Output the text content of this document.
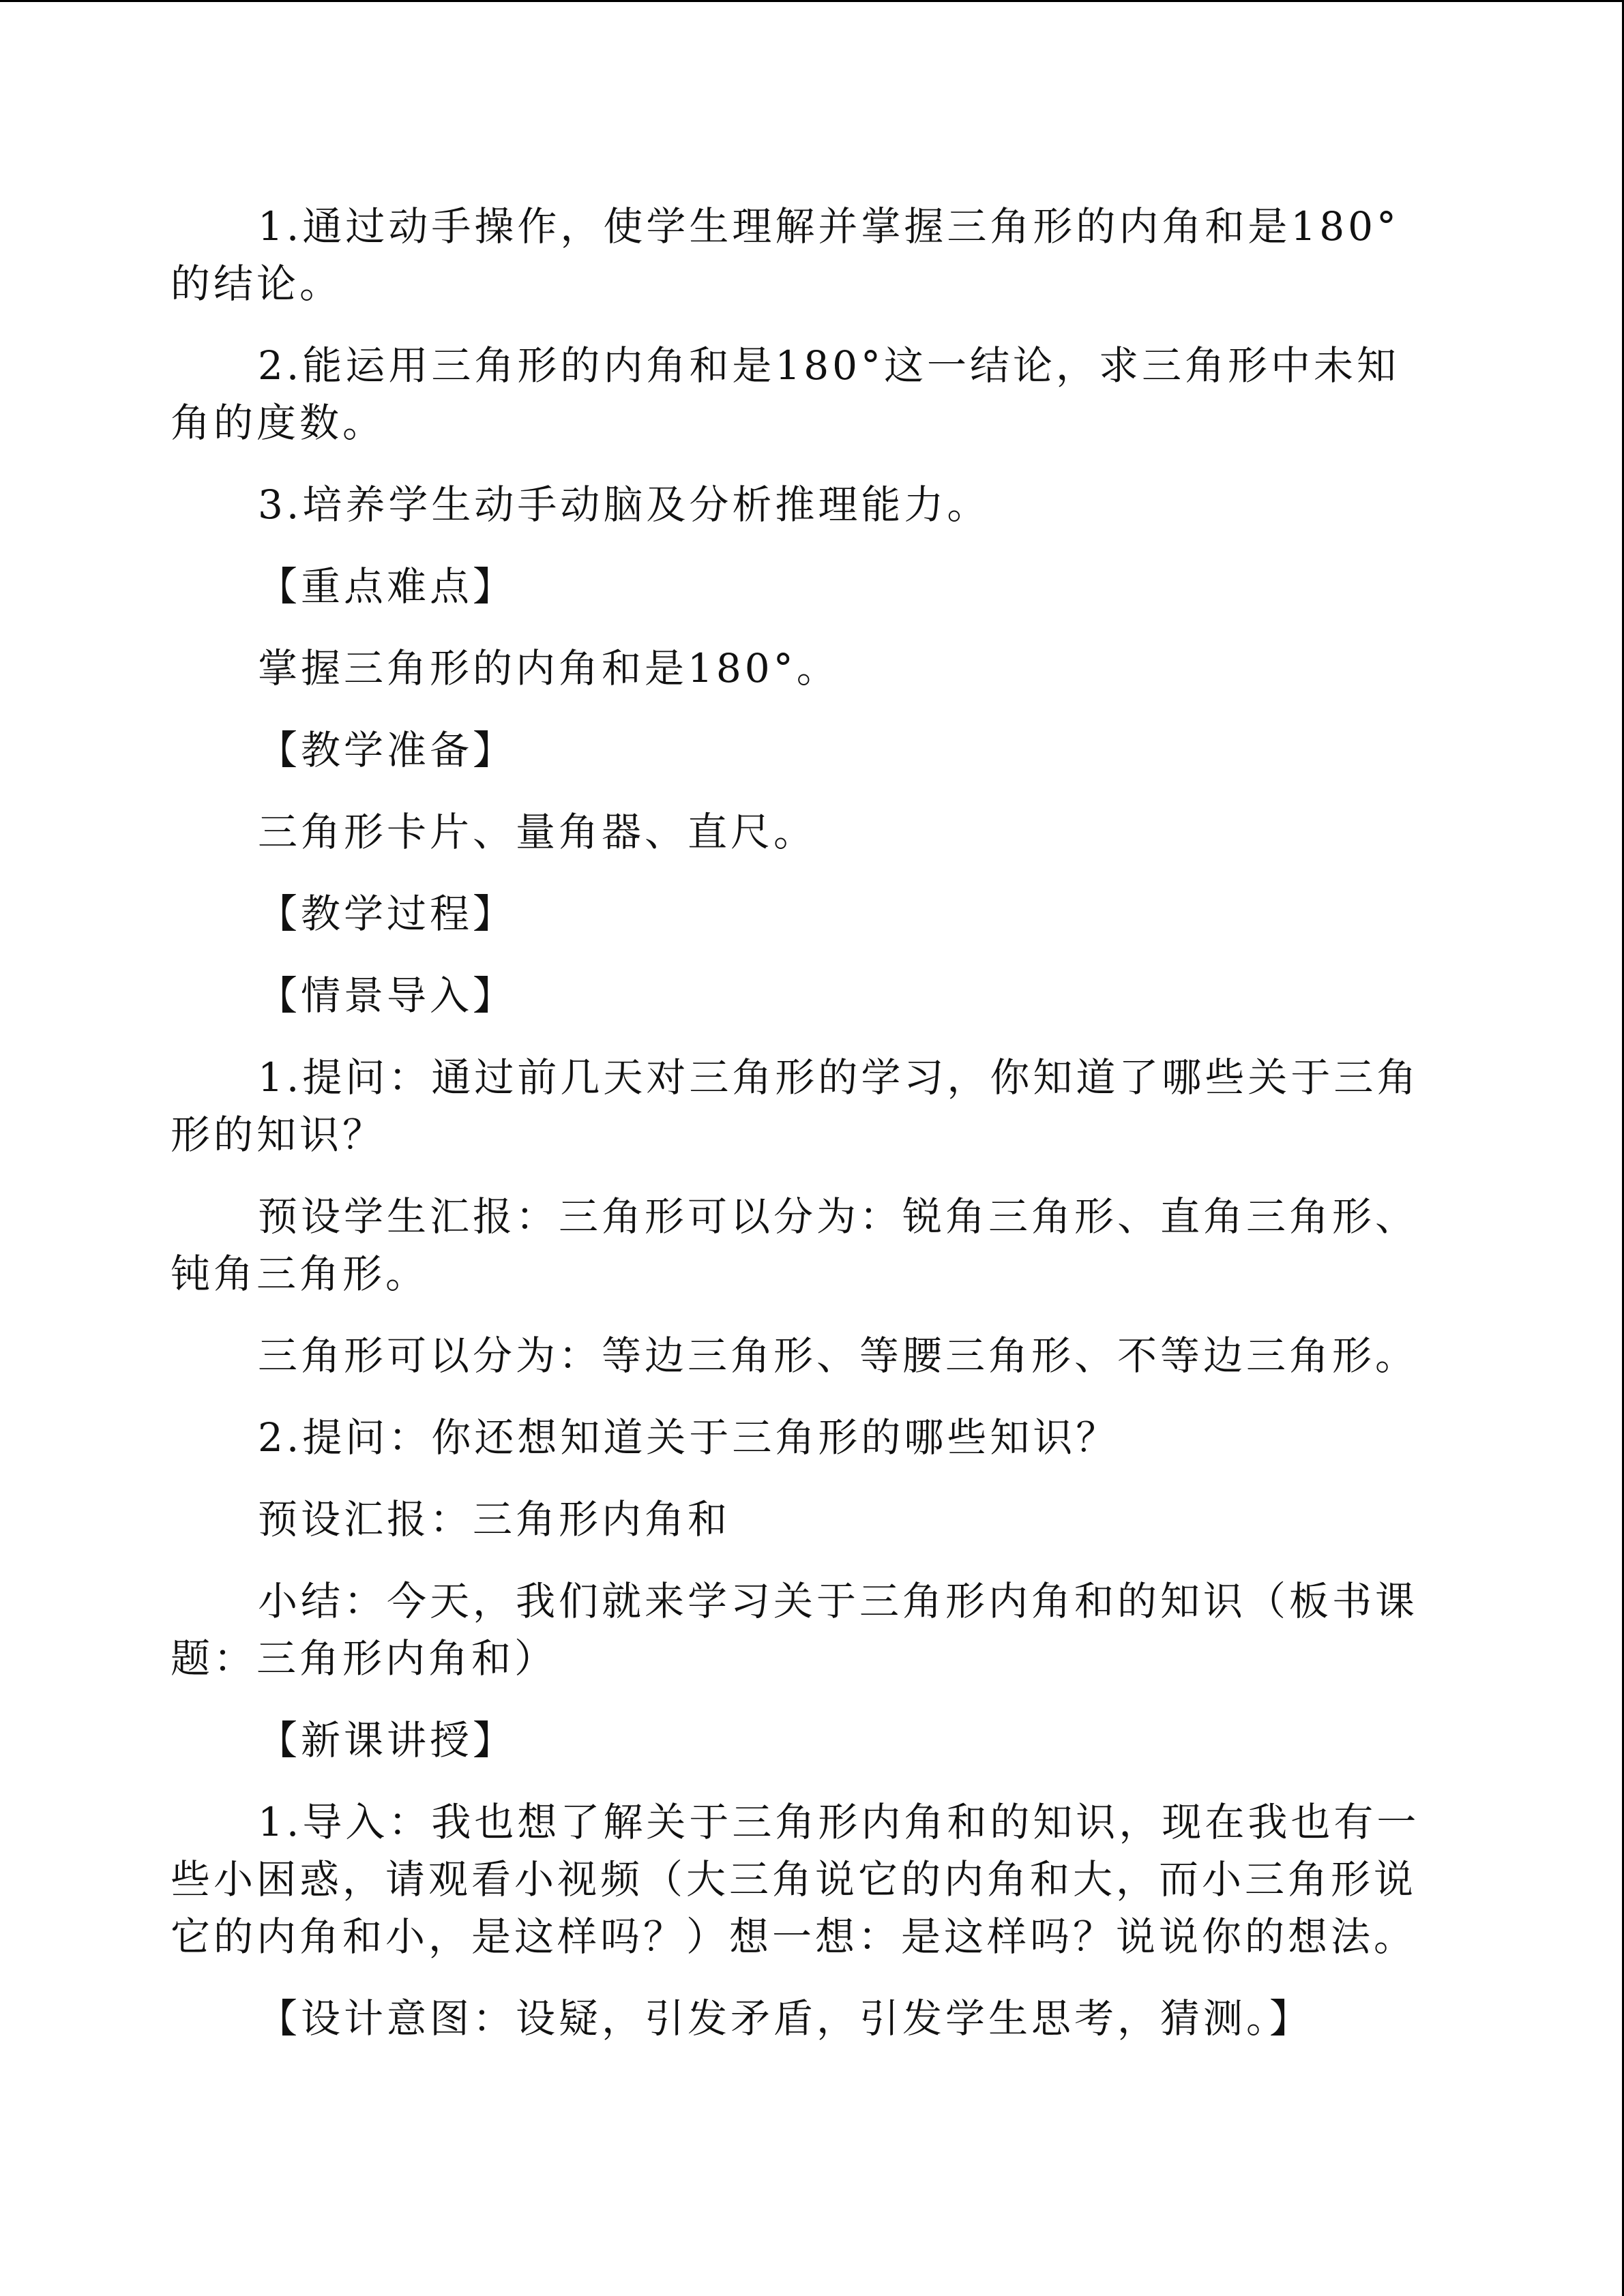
1.通过动手操作，使学生理解并掌握三角形的内角和是180°的结论。

2.能运用三角形的内角和是180°这一结论，求三角形中未知角的度数。

3.培养学生动手动脑及分析推理能力。

【重点难点】

掌握三角形的内角和是180°。

【教学准备】

三角形卡片、量角器、直尺。

【教学过程】

【情景导入】

1.提问：通过前几天对三角形的学习，你知道了哪些关于三角形的知识？

预设学生汇报：三角形可以分为：锐角三角形、直角三角形、钝角三角形。

三角形可以分为：等边三角形、等腰三角形、不等边三角形。

2.提问：你还想知道关于三角形的哪些知识？

预设汇报：三角形内角和

小结：今天，我们就来学习关于三角形内角和的知识（板书课题：三角形内角和）

【新课讲授】

1.导入：我也想了解关于三角形内角和的知识，现在我也有一些小困惑，请观看小视频（大三角说它的内角和大，而小三角形说它的内角和小，是这样吗？）想一想：是这样吗？说说你的想法。

【设计意图：设疑，引发矛盾，引发学生思考，猜测。】
